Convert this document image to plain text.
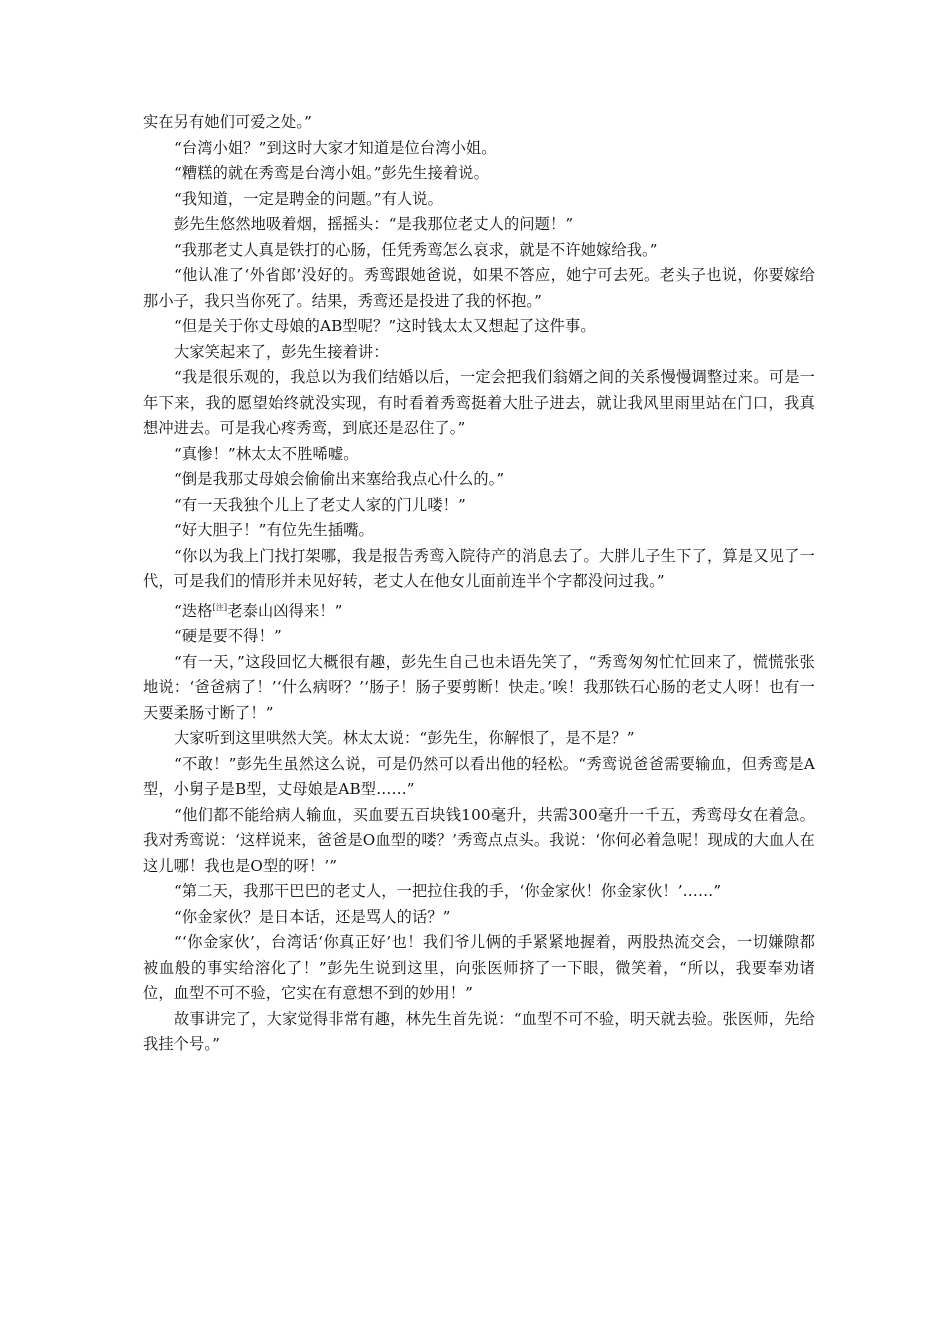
实在另有她们可爱之处。”

“台湾小姐？”到这时大家才知道是位台湾小姐。

“糟糕的就在秀鸾是台湾小姐。”彭先生接着说。

“我知道，一定是聘金的问题。”有人说。

彭先生悠然地吸着烟，摇摇头：“是我那位老丈人的问题！”

“我那老丈人真是铁打的心肠，任凭秀鸾怎么哀求，就是不许她嫁给我。”

“他认准了‘外省郎’没好的。秀鸾跟她爸说，如果不答应，她宁可去死。老头子也说，你要嫁给那小子，我只当你死了。结果，秀鸾还是投进了我的怀抱。”

“但是关于你丈母娘的AB型呢？”这时钱太太又想起了这件事。

大家笑起来了，彭先生接着讲：

“我是很乐观的，我总以为我们结婚以后，一定会把我们翁婿之间的关系慢慢调整过来。可是一年下来，我的愿望始终就没实现，有时看着秀鸾挺着大肚子进去，就让我风里雨里站在门口，我真想冲进去。可是我心疼秀鸾，到底还是忍住了。”

“真惨！”林太太不胜唏嘘。

“倒是我那丈母娘会偷偷出来塞给我点心什么的。”

“有一天我独个儿上了老丈人家的门儿喽！”

“好大胆子！”有位先生插嘴。

“你以为我上门找打架哪，我是报告秀鸾入院待产的消息去了。大胖儿子生下了，算是又见了一代，可是我们的情形并未见好转，老丈人在他女儿面前连半个字都没问过我。”

“迭格[注]老泰山凶得来！”

“硬是要不得！”

“有一天，”这段回忆大概很有趣，彭先生自己也未语先笑了，“秀鸾匆匆忙忙回来了，慌慌张张地说：‘爸爸病了！’‘什么病呀？’‘肠子！肠子要剪断！快走。’唉！我那铁石心肠的老丈人呀！也有一天要柔肠寸断了！”

大家听到这里哄然大笑。林太太说：“彭先生，你解恨了，是不是？”

“不敢！”彭先生虽然这么说，可是仍然可以看出他的轻松。“秀鸾说爸爸需要输血，但秀鸾是A型，小舅子是B型，丈母娘是AB型……”

“他们都不能给病人输血，买血要五百块钱100毫升，共需300毫升一千五，秀鸾母女在着急。我对秀鸾说：‘这样说来，爸爸是O血型的喽？’秀鸾点点头。我说：‘你何必着急呢！现成的大血人在这儿哪！我也是O型的呀！’”

“第二天，我那干巴巴的老丈人，一把拉住我的手，‘你金家伙！你金家伙！’……”

“你金家伙？是日本话，还是骂人的话？”

“‘你金家伙’，台湾话‘你真正好’也！我们爷儿俩的手紧紧地握着，两股热流交会，一切嫌隙都被血般的事实给溶化了！”彭先生说到这里，向张医师挤了一下眼，微笑着，“所以，我要奉劝诸位，血型不可不验，它实在有意想不到的妙用！”

故事讲完了，大家觉得非常有趣，林先生首先说：“血型不可不验，明天就去验。张医师，先给我挂个号。”
